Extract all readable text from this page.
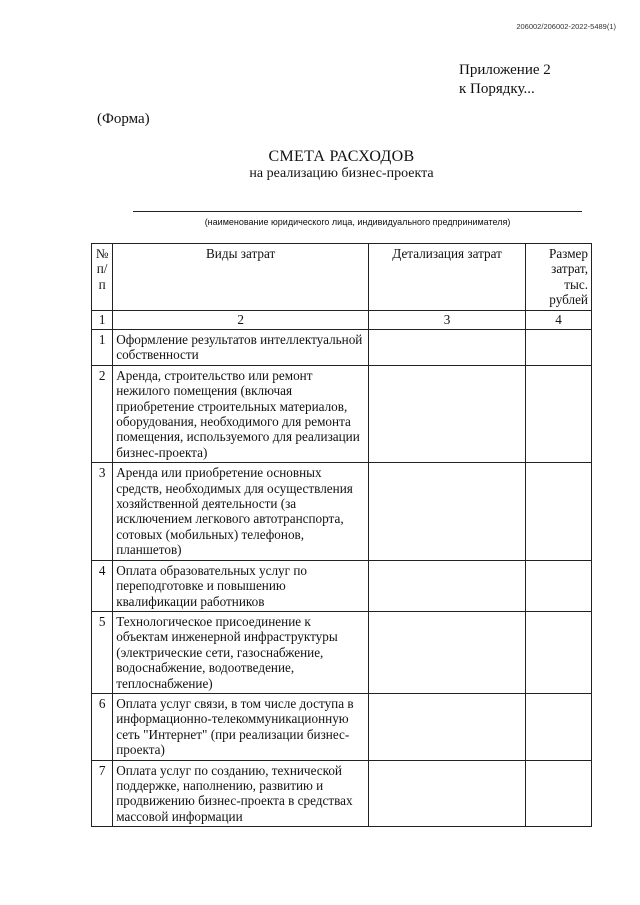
206002/206002-2022-5489(1)
Приложение 2
к Порядку...
(Форма)
СМЕТА РАСХОДОВ
на реализацию бизнес-проекта
(наименование юридического лица, индивидуального предпринимателя)
№ п/п	Виды затрат	Детализация затрат	Размер затрат, тыс. рублей
1	2	3	4
1	Оформление результатов интеллектуальной собственности		
2	Аренда, строительство или ремонт нежилого помещения (включая приобретение строительных материалов, оборудования, необходимого для ремонта помещения, используемого для реализации бизнес-проекта)		
3	Аренда или приобретение основных средств, необходимых для осуществления хозяйственной деятельности (за исключением легкового автотранспорта, сотовых (мобильных) телефонов, планшетов)		
4	Оплата образовательных услуг по переподготовке и повышению квалификации работников		
5	Технологическое присоединение к объектам инженерной инфраструктуры (электрические сети, газоснабжение, водоснабжение, водоотведение, теплоснабжение)		
6	Оплата услуг связи, в том числе доступа в информационно-телекоммуникационную сеть "Интернет" (при реализации бизнес-проекта)		
7	Оплата услуг по созданию, технической поддержке, наполнению, развитию и продвижению бизнес-проекта в средствах массовой информации		
